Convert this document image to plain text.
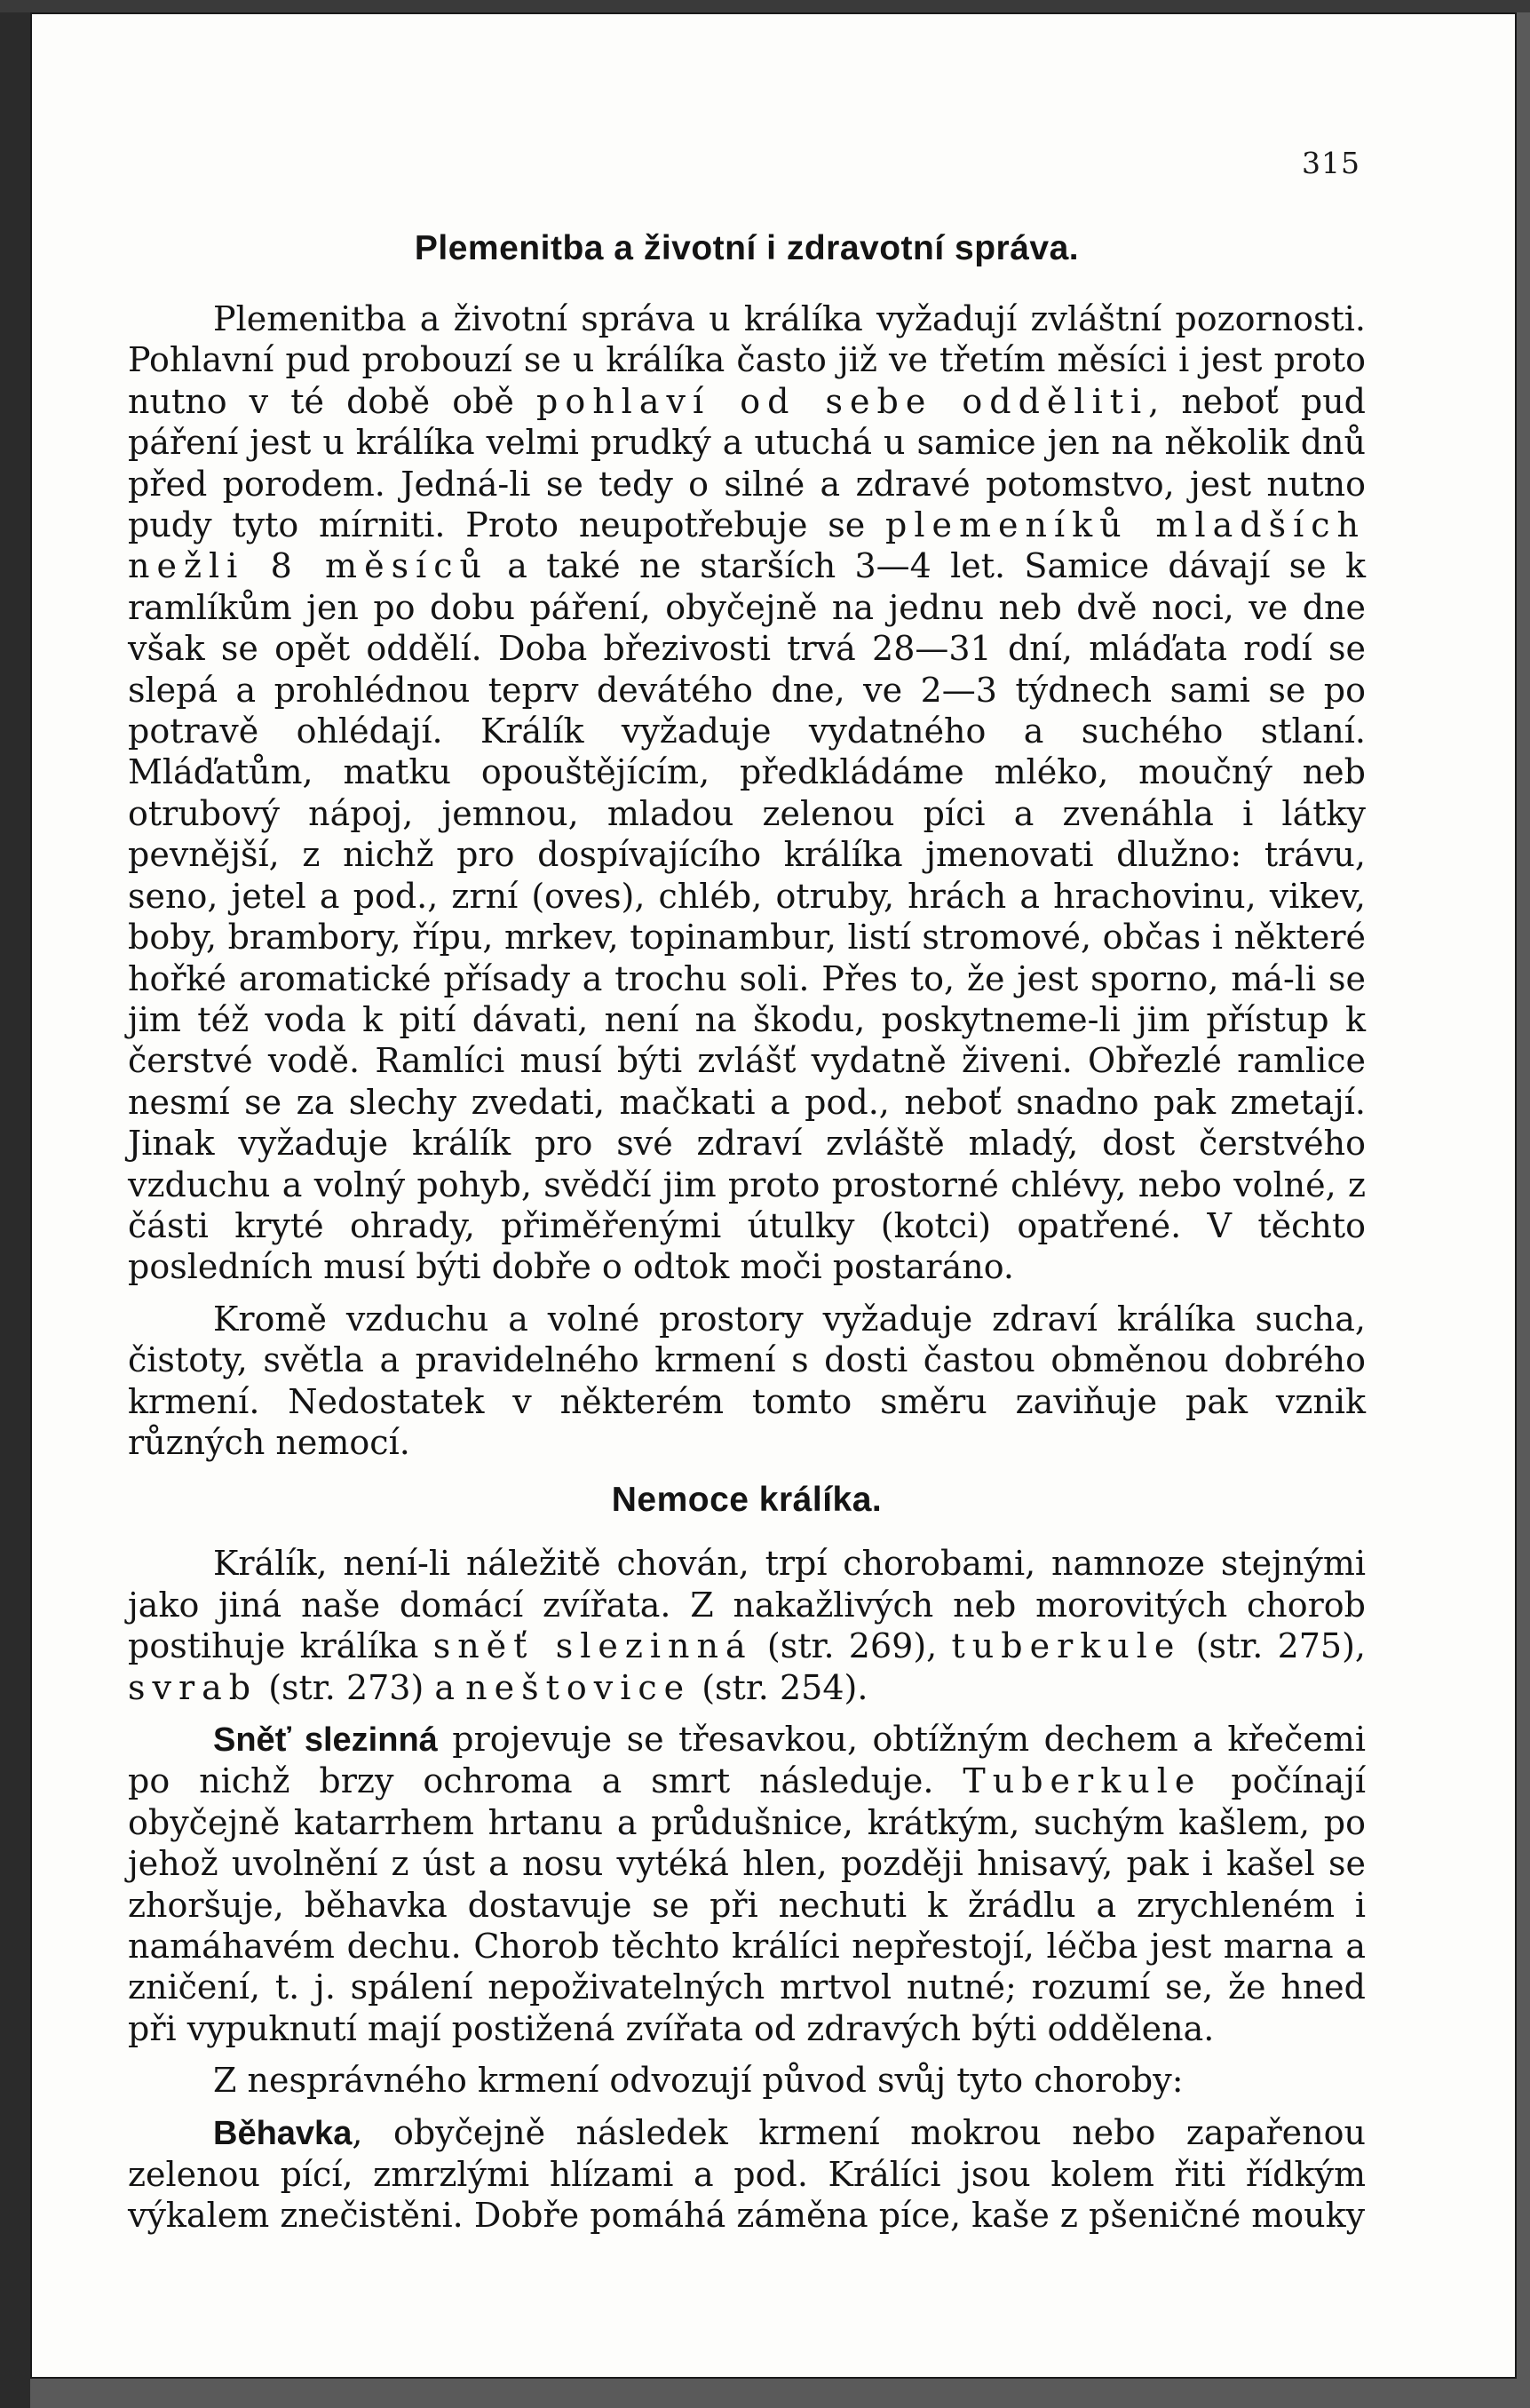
315
Plemenitba a životní i zdravotní správa.

Plemenitba a životní správa u králíka vyžadují zvláštní pozornosti. Pohlavní pud probouzí se u králíka často již ve třetím měsíci i jest proto nutno v té době obě pohlaví od sebe odděliti, neboť pud páření jest u králíka velmi prudký a utuchá u samice jen na několik dnů před porodem. Jedná-li se tedy o silné a zdravé potomstvo, jest nutno pudy tyto mírniti. Proto neupotřebuje se plemeníků mladších nežli 8 měsíců a také ne starších 3—4 let. Samice dávají se k ramlíkům jen po dobu páření, obyčejně na jednu neb dvě noci, ve dne však se opět oddělí. Doba březivosti trvá 28—31 dní, mláďata rodí se slepá a prohlédnou teprv devátého dne, ve 2—3 týdnech sami se po potravě ohlédají. Králík vyžaduje vydatného a suchého stlaní. Mláďatům, matku opouštějícím, předkládáme mléko, moučný neb otrubový nápoj, jemnou, mladou zelenou píci a zvenáhla i látky pevnější, z nichž pro dospívajícího králíka jmenovati dlužno: trávu, seno, jetel a pod., zrní (oves), chléb, otruby, hrách a hrachovinu, vikev, boby, brambory, řípu, mrkev, topinambur, listí stromové, občas i některé hořké aromatické přísady a trochu soli. Přes to, že jest sporno, má-li se jim též voda k pití dávati, není na škodu, poskytneme-li jim přístup k čerstvé vodě. Ramlíci musí býti zvlášť vydatně živeni. Obřezlé ramlice nesmí se za slechy zvedati, mačkati a pod., neboť snadno pak zmetají. Jinak vyžaduje králík pro své zdraví zvláště mladý, dost čerstvého vzduchu a volný pohyb, svědčí jim proto prostorné chlévy, nebo volné, z části kryté ohrady, přiměřenými útulky (kotci) opatřené. V těchto posledních musí býti dobře o odtok moči postaráno.

Kromě vzduchu a volné prostory vyžaduje zdraví králíka sucha, čistoty, světla a pravidelného krmení s dosti častou obměnou dobrého krmení. Nedostatek v některém tomto směru zaviňuje pak vznik různých nemocí.

Nemoce králíka.

Králík, není-li náležitě chován, trpí chorobami, namnoze stejnými jako jiná naše domácí zvířata. Z nakažlivých neb morovitých chorob postihuje králíka sněť slezinná (str. 269), tuberkule (str. 275), svrab (str. 273) a neštovice (str. 254).

Sněť slezinná projevuje se třesavkou, obtížným dechem a křečemi po nichž brzy ochroma a smrt následuje. Tuberkule počínají obyčejně katarrhem hrtanu a průdušnice, krátkým, suchým kašlem, po jehož uvolnění z úst a nosu vytéká hlen, později hnisavý, pak i kašel se zhoršuje, běhavka dostavuje se při nechuti k žrádlu a zrychleném i namáhavém dechu. Chorob těchto králíci nepřestojí, léčba jest marna a zničení, t. j. spálení nepoživatelných mrtvol nutné; rozumí se, že hned při vypuknutí mají postižená zvířata od zdravých býti oddělena.

Z nesprávného krmení odvozují původ svůj tyto choroby:

Běhavka, obyčejně následek krmení mokrou nebo zapařenou zelenou pící, zmrzlými hlízami a pod. Králíci jsou kolem řiti řídkým výkalem znečistěni. Dobře pomáhá záměna píce, kaše z pšeničné mouky
